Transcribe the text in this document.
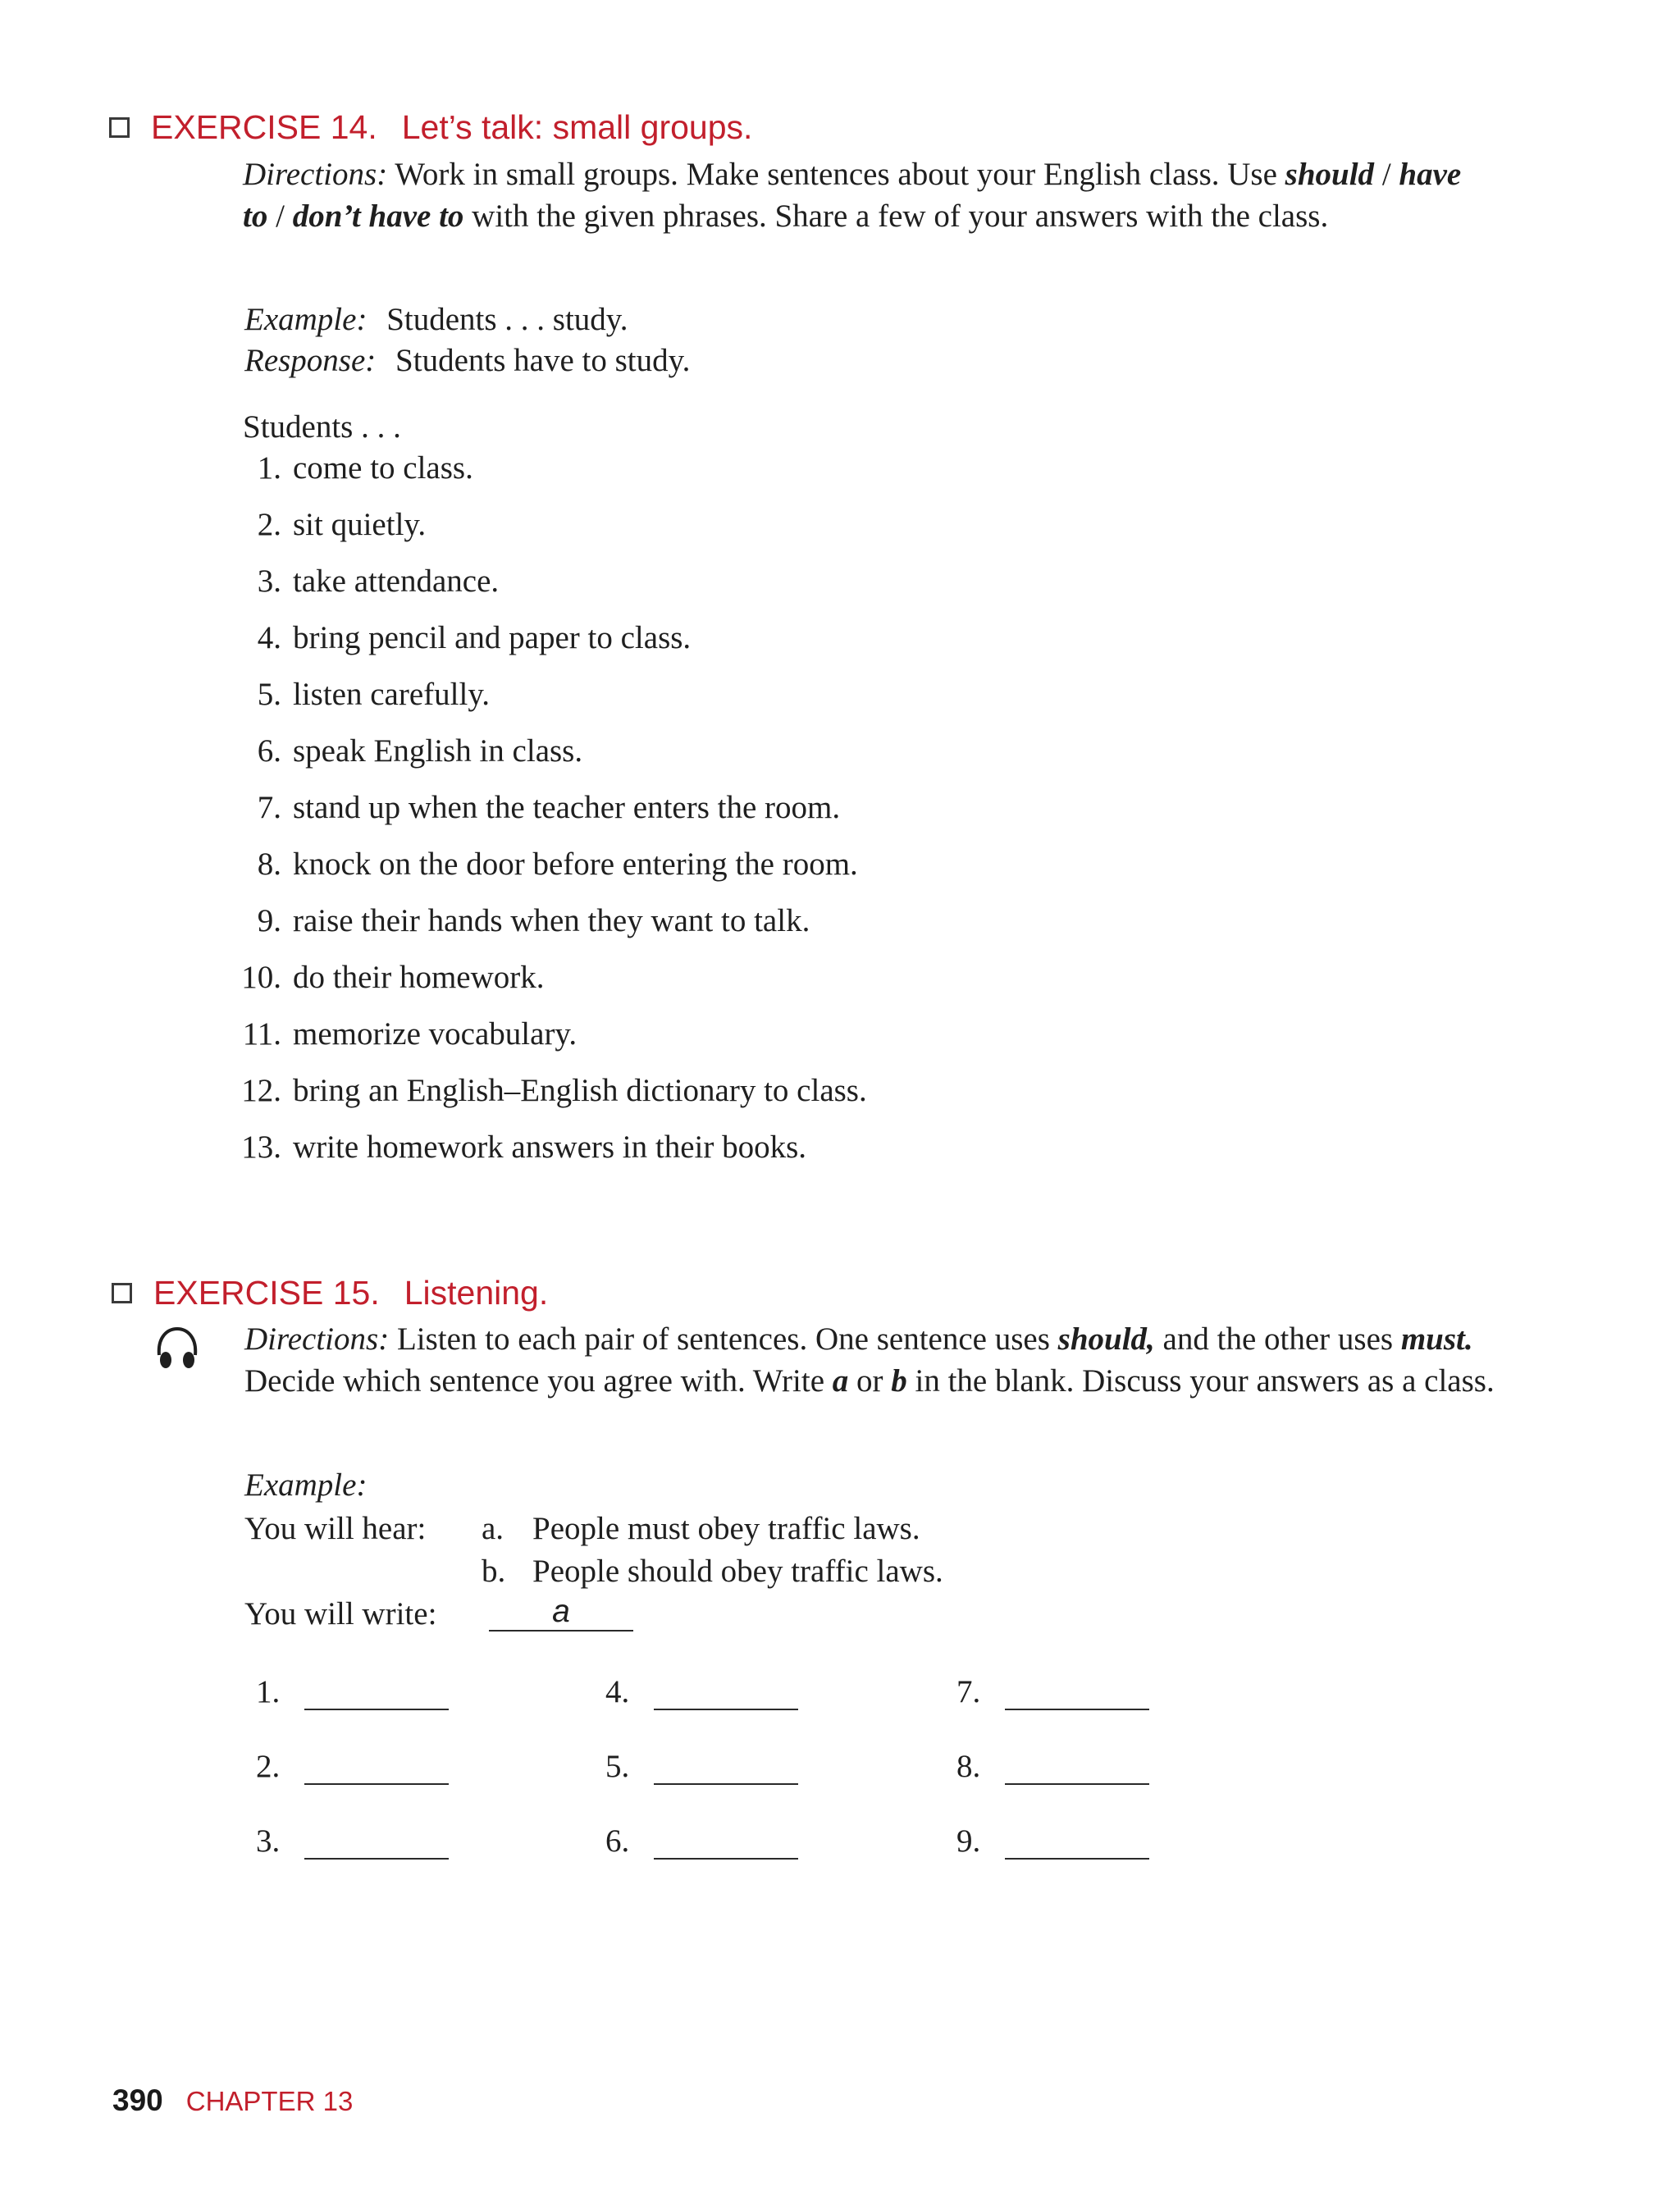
EXERCISE 14. Let’s talk: small groups.
Directions: Work in small groups. Make sentences about your English class. Use should / have to / don’t have to with the given phrases. Share a few of your answers with the class.
Example: Students . . . study.
Response: Students have to study.
Students . . .
1. come to class.
2. sit quietly.
3. take attendance.
4. bring pencil and paper to class.
5. listen carefully.
6. speak English in class.
7. stand up when the teacher enters the room.
8. knock on the door before entering the room.
9. raise their hands when they want to talk.
10. do their homework.
11. memorize vocabulary.
12. bring an English–English dictionary to class.
13. write homework answers in their books.
EXERCISE 15. Listening.
Directions: Listen to each pair of sentences. One sentence uses should, and the other uses must. Decide which sentence you agree with. Write a or b in the blank. Discuss your answers as a class.
Example:
You will hear: a. People must obey traffic laws.
b. People should obey traffic laws.
You will write:	a
1.
2.
3.
4.
5.
6.
7.
8.
9.
390 CHAPTER 13
